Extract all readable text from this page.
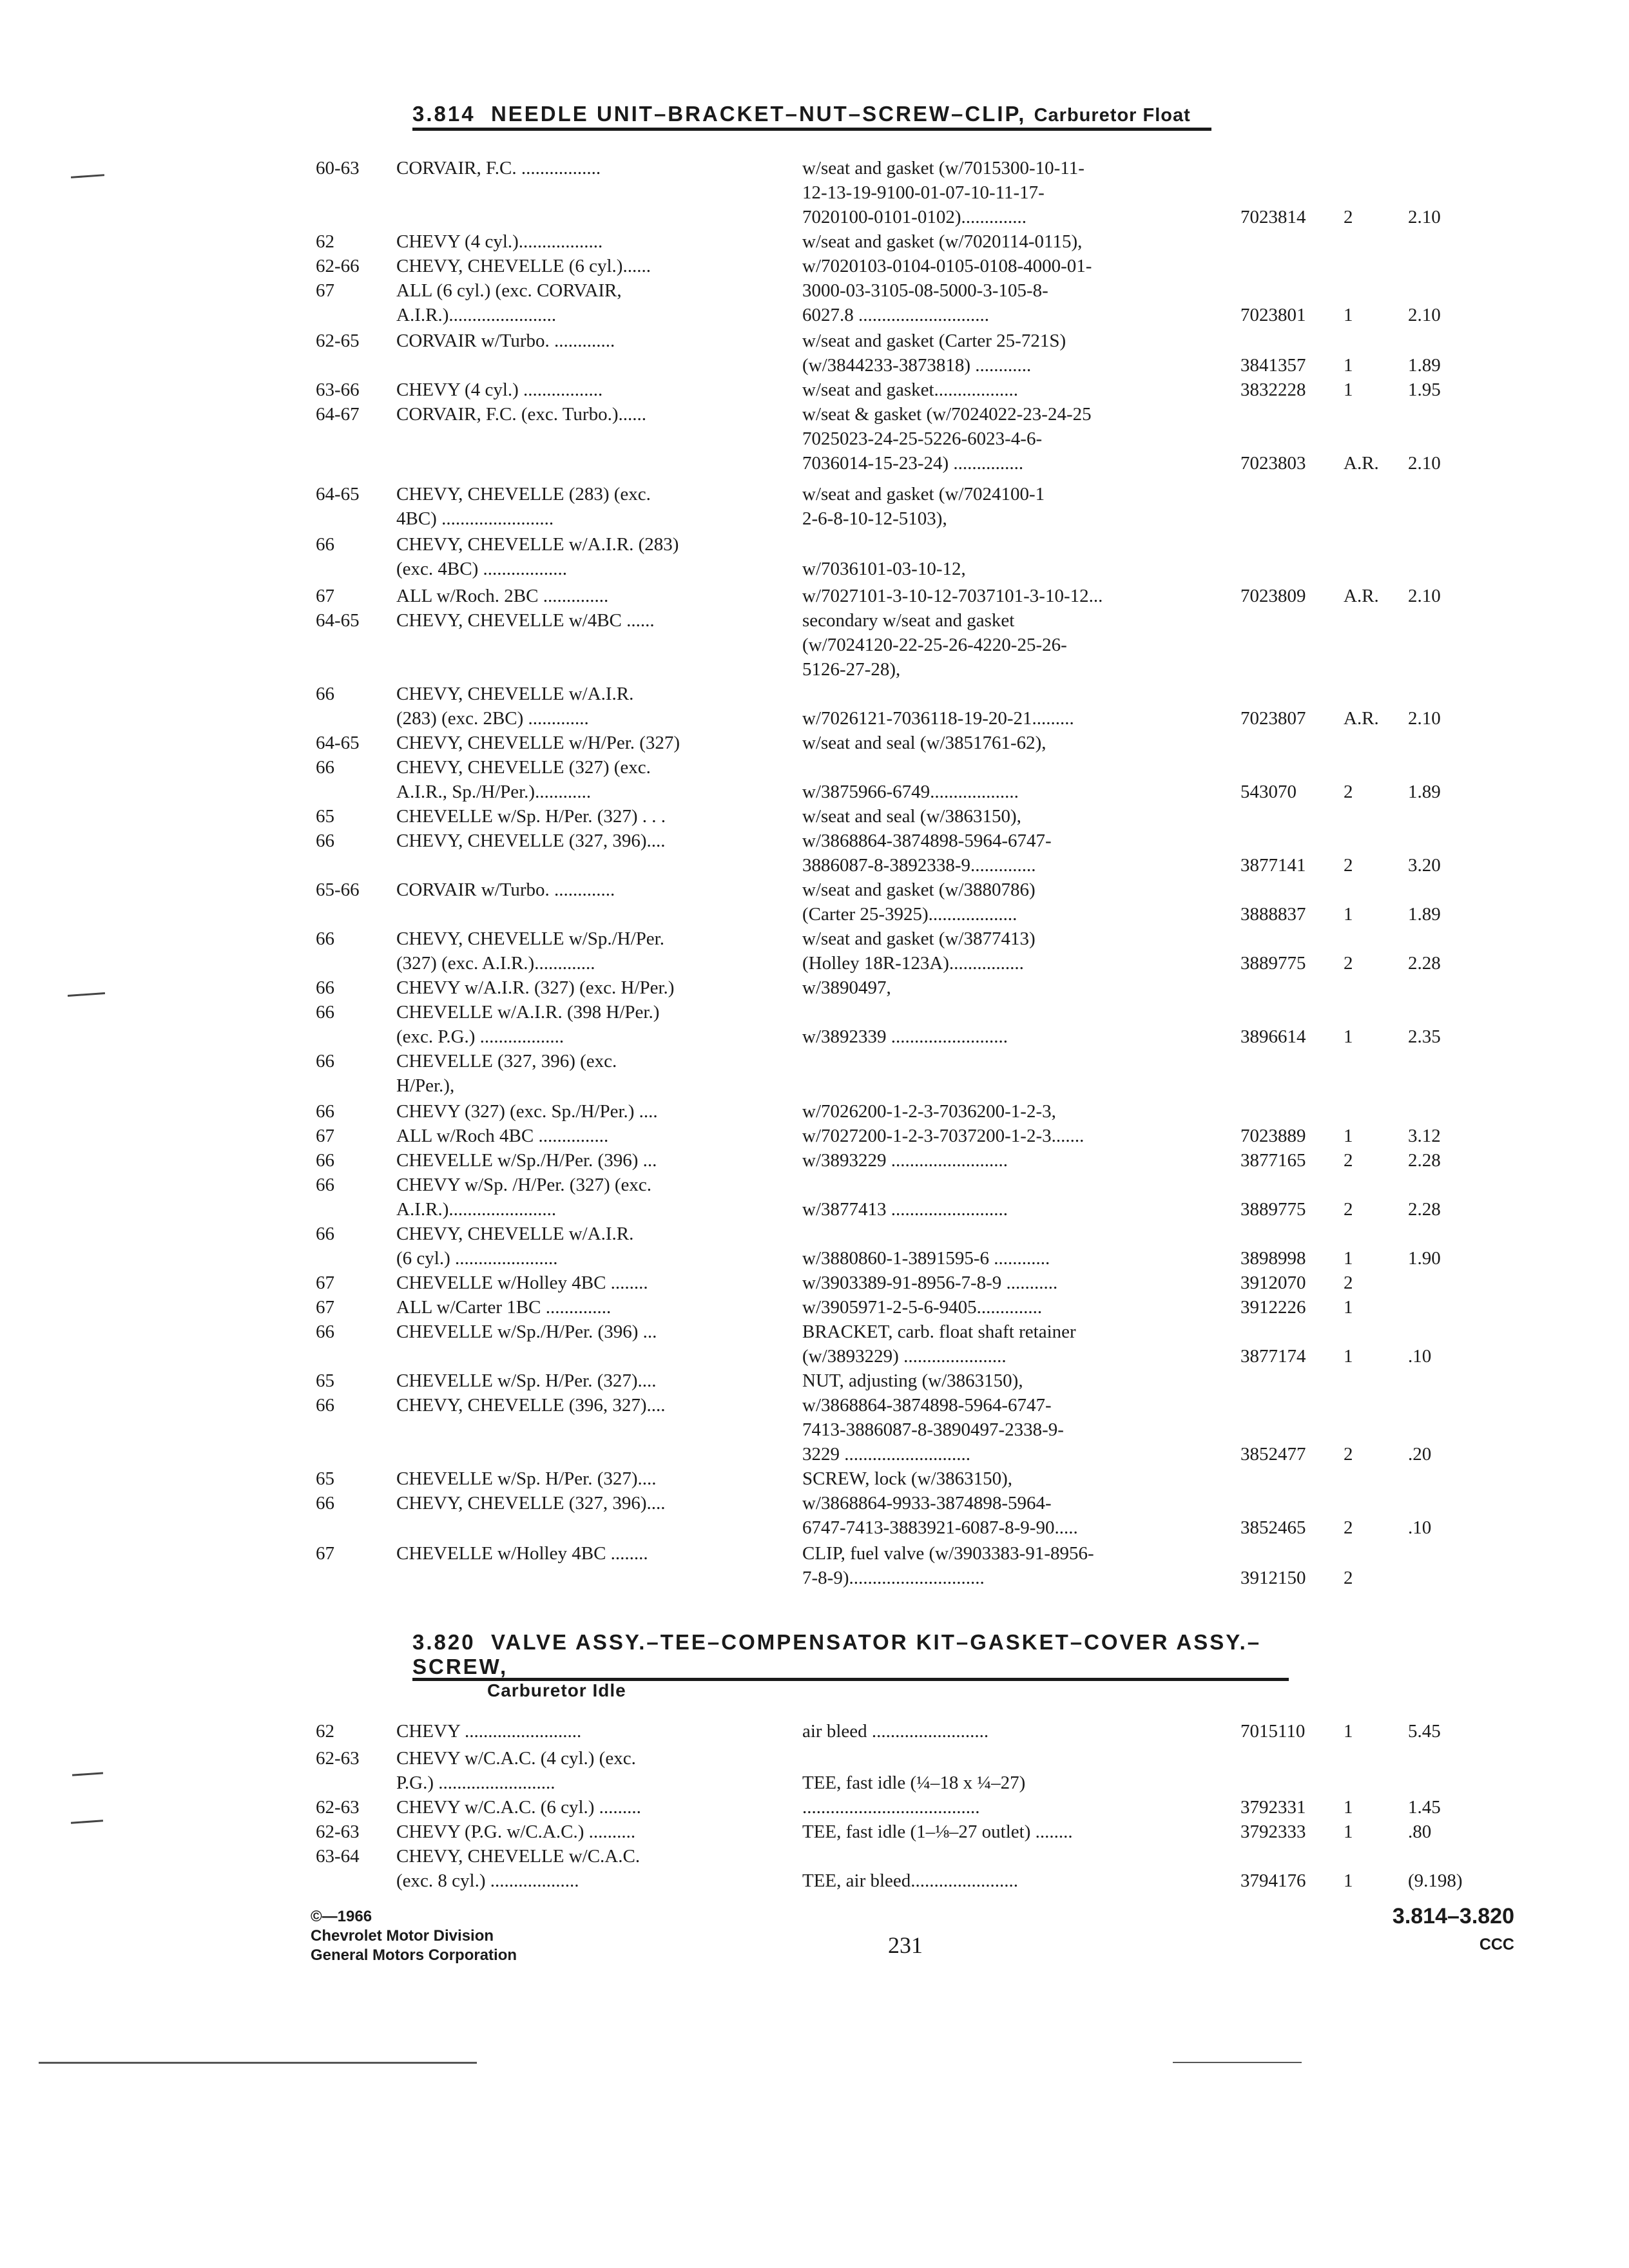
3.814 NEEDLE UNIT–BRACKET–NUT–SCREW–CLIP, Carburetor Float
60-63 CORVAIR, F.C. .................	w/seat and gasket (w/7015300-10-11-
12-13-19-9100-01-07-10-11-17-
7020100-0101-0102)..............	7023814 2	2.10
62	CHEVY (4 cyl.)..................	w/seat and gasket (w/7020114-0115),
62-66 CHEVY, CHEVELLE (6 cyl.)......	w/7020103-0104-0105-0108-4000-01-
67	ALL (6 cyl.) (exc. CORVAIR,	3000-03-3105-08-5000-3-105-8-
A.I.R.).......................	6027.8 ............................	7023801 1	2.10
62-65 CORVAIR w/Turbo. .............	w/seat and gasket (Carter 25-721S)
(w/3844233-3873818) ............	3841357 1	1.89
63-66 CHEVY (4 cyl.) .................	w/seat and gasket..................	3832228 1	1.95
64-67 CORVAIR, F.C. (exc. Turbo.)......	w/seat & gasket (w/7024022-23-24-25
7025023-24-25-5226-6023-4-6-
7036014-15-23-24) ...............	7023803 A.R. 2.10
64-65 CHEVY, CHEVELLE (283) (exc.	w/seat and gasket (w/7024100-1
4BC) ........................	2-6-8-10-12-5103),
66	CHEVY, CHEVELLE w/A.I.R. (283)
(exc. 4BC) ..................	w/7036101-03-10-12,
67	ALL w/Roch. 2BC ..............	w/7027101-3-10-12-7037101-3-10-12...	7023809 A.R. 2.10
64-65 CHEVY, CHEVELLE w/4BC ......	secondary w/seat and gasket
(w/7024120-22-25-26-4220-25-26-
5126-27-28),
66	CHEVY, CHEVELLE w/A.I.R.
(283) (exc. 2BC) .............	w/7026121-7036118-19-20-21.........	7023807 A.R. 2.10
64-65 CHEVY, CHEVELLE w/H/Per. (327)	w/seat and seal (w/3851761-62),
66	CHEVY, CHEVELLE (327) (exc.
A.I.R., Sp./H/Per.)............	w/3875966-6749...................	543070	2	1.89
65	CHEVELLE w/Sp. H/Per. (327) . . .	w/seat and seal (w/3863150),
66	CHEVY, CHEVELLE (327, 396)....	w/3868864-3874898-5964-6747-
3886087-8-3892338-9..............	3877141 2	3.20
65-66 CORVAIR w/Turbo. .............	w/seat and gasket (w/3880786)
(Carter 25-3925)...................	3888837 1	1.89
66	CHEVY, CHEVELLE w/Sp./H/Per.	w/seat and gasket (w/3877413)
(327) (exc. A.I.R.).............	(Holley 18R-123A)................	3889775 2	2.28
66	CHEVY w/A.I.R. (327) (exc. H/Per.)	w/3890497,
66	CHEVELLE w/A.I.R. (398 H/Per.)
(exc. P.G.) ..................	w/3892339 .........................	3896614 1	2.35
66	CHEVELLE (327, 396) (exc.
H/Per.),
66	CHEVY (327) (exc. Sp./H/Per.) ....	w/7026200-1-2-3-7036200-1-2-3,
67	ALL w/Roch 4BC ...............	w/7027200-1-2-3-7037200-1-2-3.......	7023889 1	3.12
66	CHEVELLE w/Sp./H/Per. (396) ...	w/3893229 .........................	3877165 2	2.28
66	CHEVY w/Sp. /H/Per. (327) (exc.
A.I.R.).......................	w/3877413 .........................	3889775 2	2.28
66	CHEVY, CHEVELLE w/A.I.R.
(6 cyl.) ......................	w/3880860-1-3891595-6 ............	3898998 1	1.90
67	CHEVELLE w/Holley 4BC ........	w/3903389-91-8956-7-8-9 ...........	3912070 2
67	ALL w/Carter 1BC ..............	w/3905971-2-5-6-9405..............	3912226 1
66	CHEVELLE w/Sp./H/Per. (396) ...	BRACKET, carb. float shaft retainer
(w/3893229) ......................	3877174 1	.10
65	CHEVELLE w/Sp. H/Per. (327)....	NUT, adjusting (w/3863150),
66	CHEVY, CHEVELLE (396, 327)....	w/3868864-3874898-5964-6747-
7413-3886087-8-3890497-2338-9-
3229 ...........................	3852477 2	.20
65	CHEVELLE w/Sp. H/Per. (327)....	SCREW, lock (w/3863150),
66	CHEVY, CHEVELLE (327, 396)....	w/3868864-9933-3874898-5964-
6747-7413-3883921-6087-8-9-90.....	3852465 2	.10
67	CHEVELLE w/Holley 4BC ........	CLIP, fuel valve (w/3903383-91-8956-
7-8-9).............................	3912150 2
3.820 VALVE ASSY.–TEE–COMPENSATOR KIT–GASKET–COVER ASSY.–SCREW,
Carburetor Idle
62	CHEVY .........................	air bleed .........................	7015110 1	5.45
62-63 CHEVY w/C.A.C. (4 cyl.) (exc.
P.G.) .........................	TEE, fast idle (¼–18 x ¼–27)
62-63 CHEVY w/C.A.C. (6 cyl.) .........	......................................	3792331 1	1.45
62-63 CHEVY (P.G. w/C.A.C.) ..........	TEE, fast idle (1–⅛–27 outlet) ........	3792333 1	.80
63-64 CHEVY, CHEVELLE w/C.A.C.
(exc. 8 cyl.) ...................	TEE, air bleed.......................	3794176 1	(9.198)
©—1966
Chevrolet Motor Division
General Motors Corporation	231
3.814–3.820
CCC
